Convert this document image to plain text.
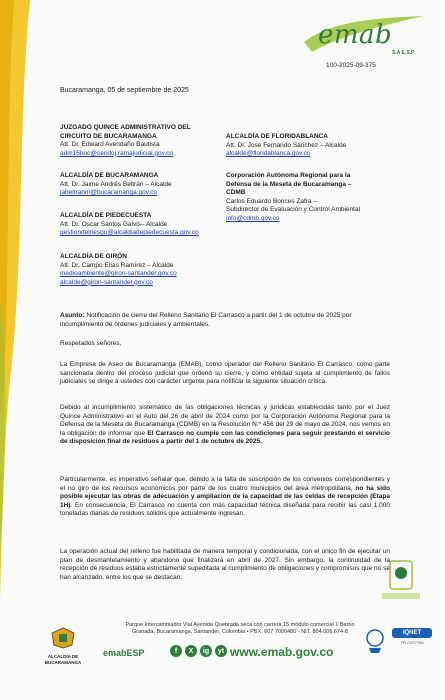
emab
S.A E.S.P.
100-2025-09-375
Bucaramanga, 05 de septiembre de 2025
JUZGADO QUINCE ADMINISTRATIVO DEL
CIRCUITO DE BUCARAMANGA
Att. Dr. Edward Avendaño Bautista
adm15buc@cendoj.ramajudicial.gov.co
ALCALDÍA DE BUCARAMANGA
Att. Dr. Jaime Andrés Beltrán – Alcalde
jabeltranm@bucaramanga.gov.co
ALCALDÍA DE PIEDECUESTA
Att. Dr. Oscar Santos Galvis– Alcalde
gestiondelriesgo@alcaldiadepiedecuesta.gov.co
ALCALDÍA DE GIRÓN
Att. Dr. Campo Elías Ramírez – Alcalde
medioambiente@giron-santander.gov.co
alcalde@giron-santander.gov.co
ALCALDÍA DE FLORIDABLANCA
Att. Dr. José Fernando Sánchez – Alcalde
alcalde@floridablanca.gov.co
Corporación Autónoma Regional para la
Defensa de la Meseta de Bucaramanga –
CDMB
Carlos Eduardo Bonces Zafra –
Subdirector de Evaluación y Control Ambiental
info@cdmb.gov.co
Asunto: Notificación de cierre del Relleno Sanitario El Carrasco a partir del 1 de octubre de 2025 por incumplimiento de órdenes judiciales y ambientales.
Respetados señores,
La Empresa de Aseo de Bucaramanga (EMAB), como operador del Relleno Sanitario El Carrasco, como parte sancionada dentro del proceso judicial que ordenó su cierre, y como entidad sujeta al cumplimiento de fallos judiciales se dirige a ustedes con carácter urgente para notificar la siguiente situación crítica.
Debido al incumplimiento sistemático de las obligaciones técnicas y jurídicas establecidas tanto por el Juez Quince Administrativo en el Auto del 26 de abril de 2024 como por la Corporación Autónoma Regional para la Defensa de la Meseta de Bucaramanga (CDMB) en la Resolución N.º 456 del 29 de mayo de 2024, nos vemos en la obligación de informar que El Carrasco no cumple con las condiciones para seguir prestando el servicio de disposición final de residuos a partir del 1 de octubre de 2025.
Particularmente, es imperativo señalar que, debido a la falta de suscripción de los convenios correspondientes y el no giro de los recursos económicos por parte de los cuatro municipios del área metropolitana, no ha sido posible ejecutar las obras de adecuación y ampliación de la capacidad de las celdas de recepción (Etapa 1H). En consecuencia, El Carrasco no cuenta con más capacidad técnica diseñada para recibir las casi 1.000 toneladas diarias de residuos sólidos que actualmente ingresan.
La operación actual del relleno fue habilitada de manera temporal y condicionada, con el único fin de ejecutar un plan de desmantelamiento y abandono que finalizará en abril de 2027. Sin embargo, la continuidad de la recepción de residuos estaba estrictamente supeditada al cumplimiento de obligaciones y compromisos que no se han alcanzado, entre los que se destacan:
ALCALDÍA DE
BUCARAMANGA
Parque Intercambiador Vial Avenida Quebrada seca con carrera 15 módulo comercial 1 Barrio
Granada, Bucaramanga, Santander, Colombia • PBX: 607 7000480 - NIT. 804.006.674-8
emabESP	f	X	ig	yt www.emab.gov.co
IQNET
TR-CO*7760
